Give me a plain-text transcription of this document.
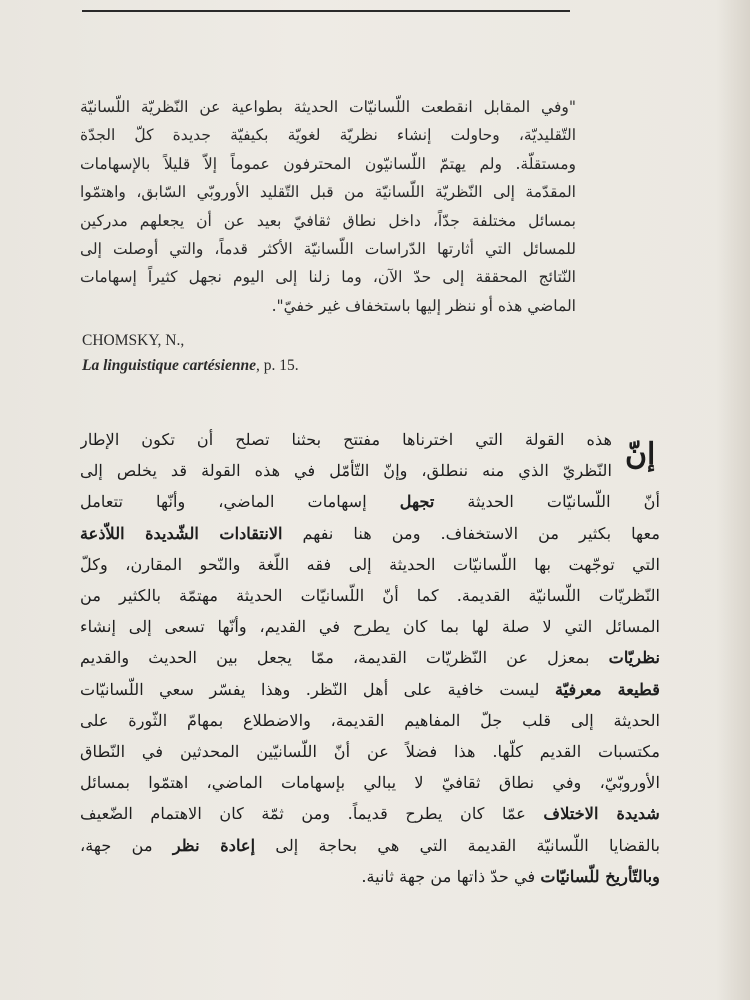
"وفي المقابل انقطعت اللّسانيّات الحديثة بطواعية عن النّظريّة اللّسانيّة
التّقليديّة، وحاولت إنشاء نظريّة لغويّة بكيفيّة جديدة كلّ الجدّة
ومستقلّة. ولم يهتمّ اللّسانيّون المحترفون عموماً إلاّ قليلاً بالإسهامات
المقدّمة إلى النّظريّة اللّسانيّة من قبل التّقليد الأوروبّي السّابق، واهتمّوا
بمسائل مختلفة جدّاً، داخل نطاق ثقافيّ بعيد عن أن يجعلهم مدركين
للمسائل التي أثارتها الدّراسات اللّسانيّة الأكثر قدماً، والتي أوصلت إلى
النّتائج المحققة إلى حدّ الآن، وما زلنا إلى اليوم نجهل كثيراً إسهامات
الماضي هذه أو ننظر إليها باستخفاف غير خفيّ".
CHOMSKY, N.,
La linguistique cartésienne, p. 15.
إنّ
هذه القولة التي اخترناها مفتتح بحثنا تصلح أن تكون الإطار
النّظريّ الذي منه ننطلق، وإنّ التّأمّل في هذه القولة قد يخلص إلى
أنّ اللّسانيّات الحديثة تجهل إسهامات الماضي، وأنّها تتعامل
معها بكثير من الاستخفاف. ومن هنا نفهم الانتقادات الشّديدة اللاّذعة
التي توجّهت بها اللّسانيّات الحديثة إلى فقه اللّغة والنّحو المقارن، وكلّ
النّظريّات اللّسانيّة القديمة. كما أنّ اللّسانيّات الحديثة مهتمّة بالكثير من
المسائل التي لا صلة لها بما كان يطرح في القديم، وأنّها تسعى إلى إنشاء
نظريّات بمعزل عن النّظريّات القديمة، ممّا يجعل بين الحديث والقديم
قطيعة معرفيّة ليست خافية على أهل النّظر. وهذا يفسّر سعي اللّسانيّات
الحديثة إلى قلب جلّ المفاهيم القديمة، والاضطلاع بمهامّ الثّورة على
مكتسبات القديم كلّها. هذا فضلاً عن أنّ اللّسانيّين المحدثين في النّطاق
الأوروبّيّ، وفي نطاق ثقافيّ لا يبالي بإسهامات الماضي، اهتمّوا بمسائل
شديدة الاختلاف عمّا كان يطرح قديماً. ومن ثمّة كان الاهتمام الضّعيف
بالقضايا اللّسانيّة القديمة التي هي بحاجة إلى إعادة نظر من جهة،
وبالتّأريخ للّسانيّات في حدّ ذاتها من جهة ثانية.
